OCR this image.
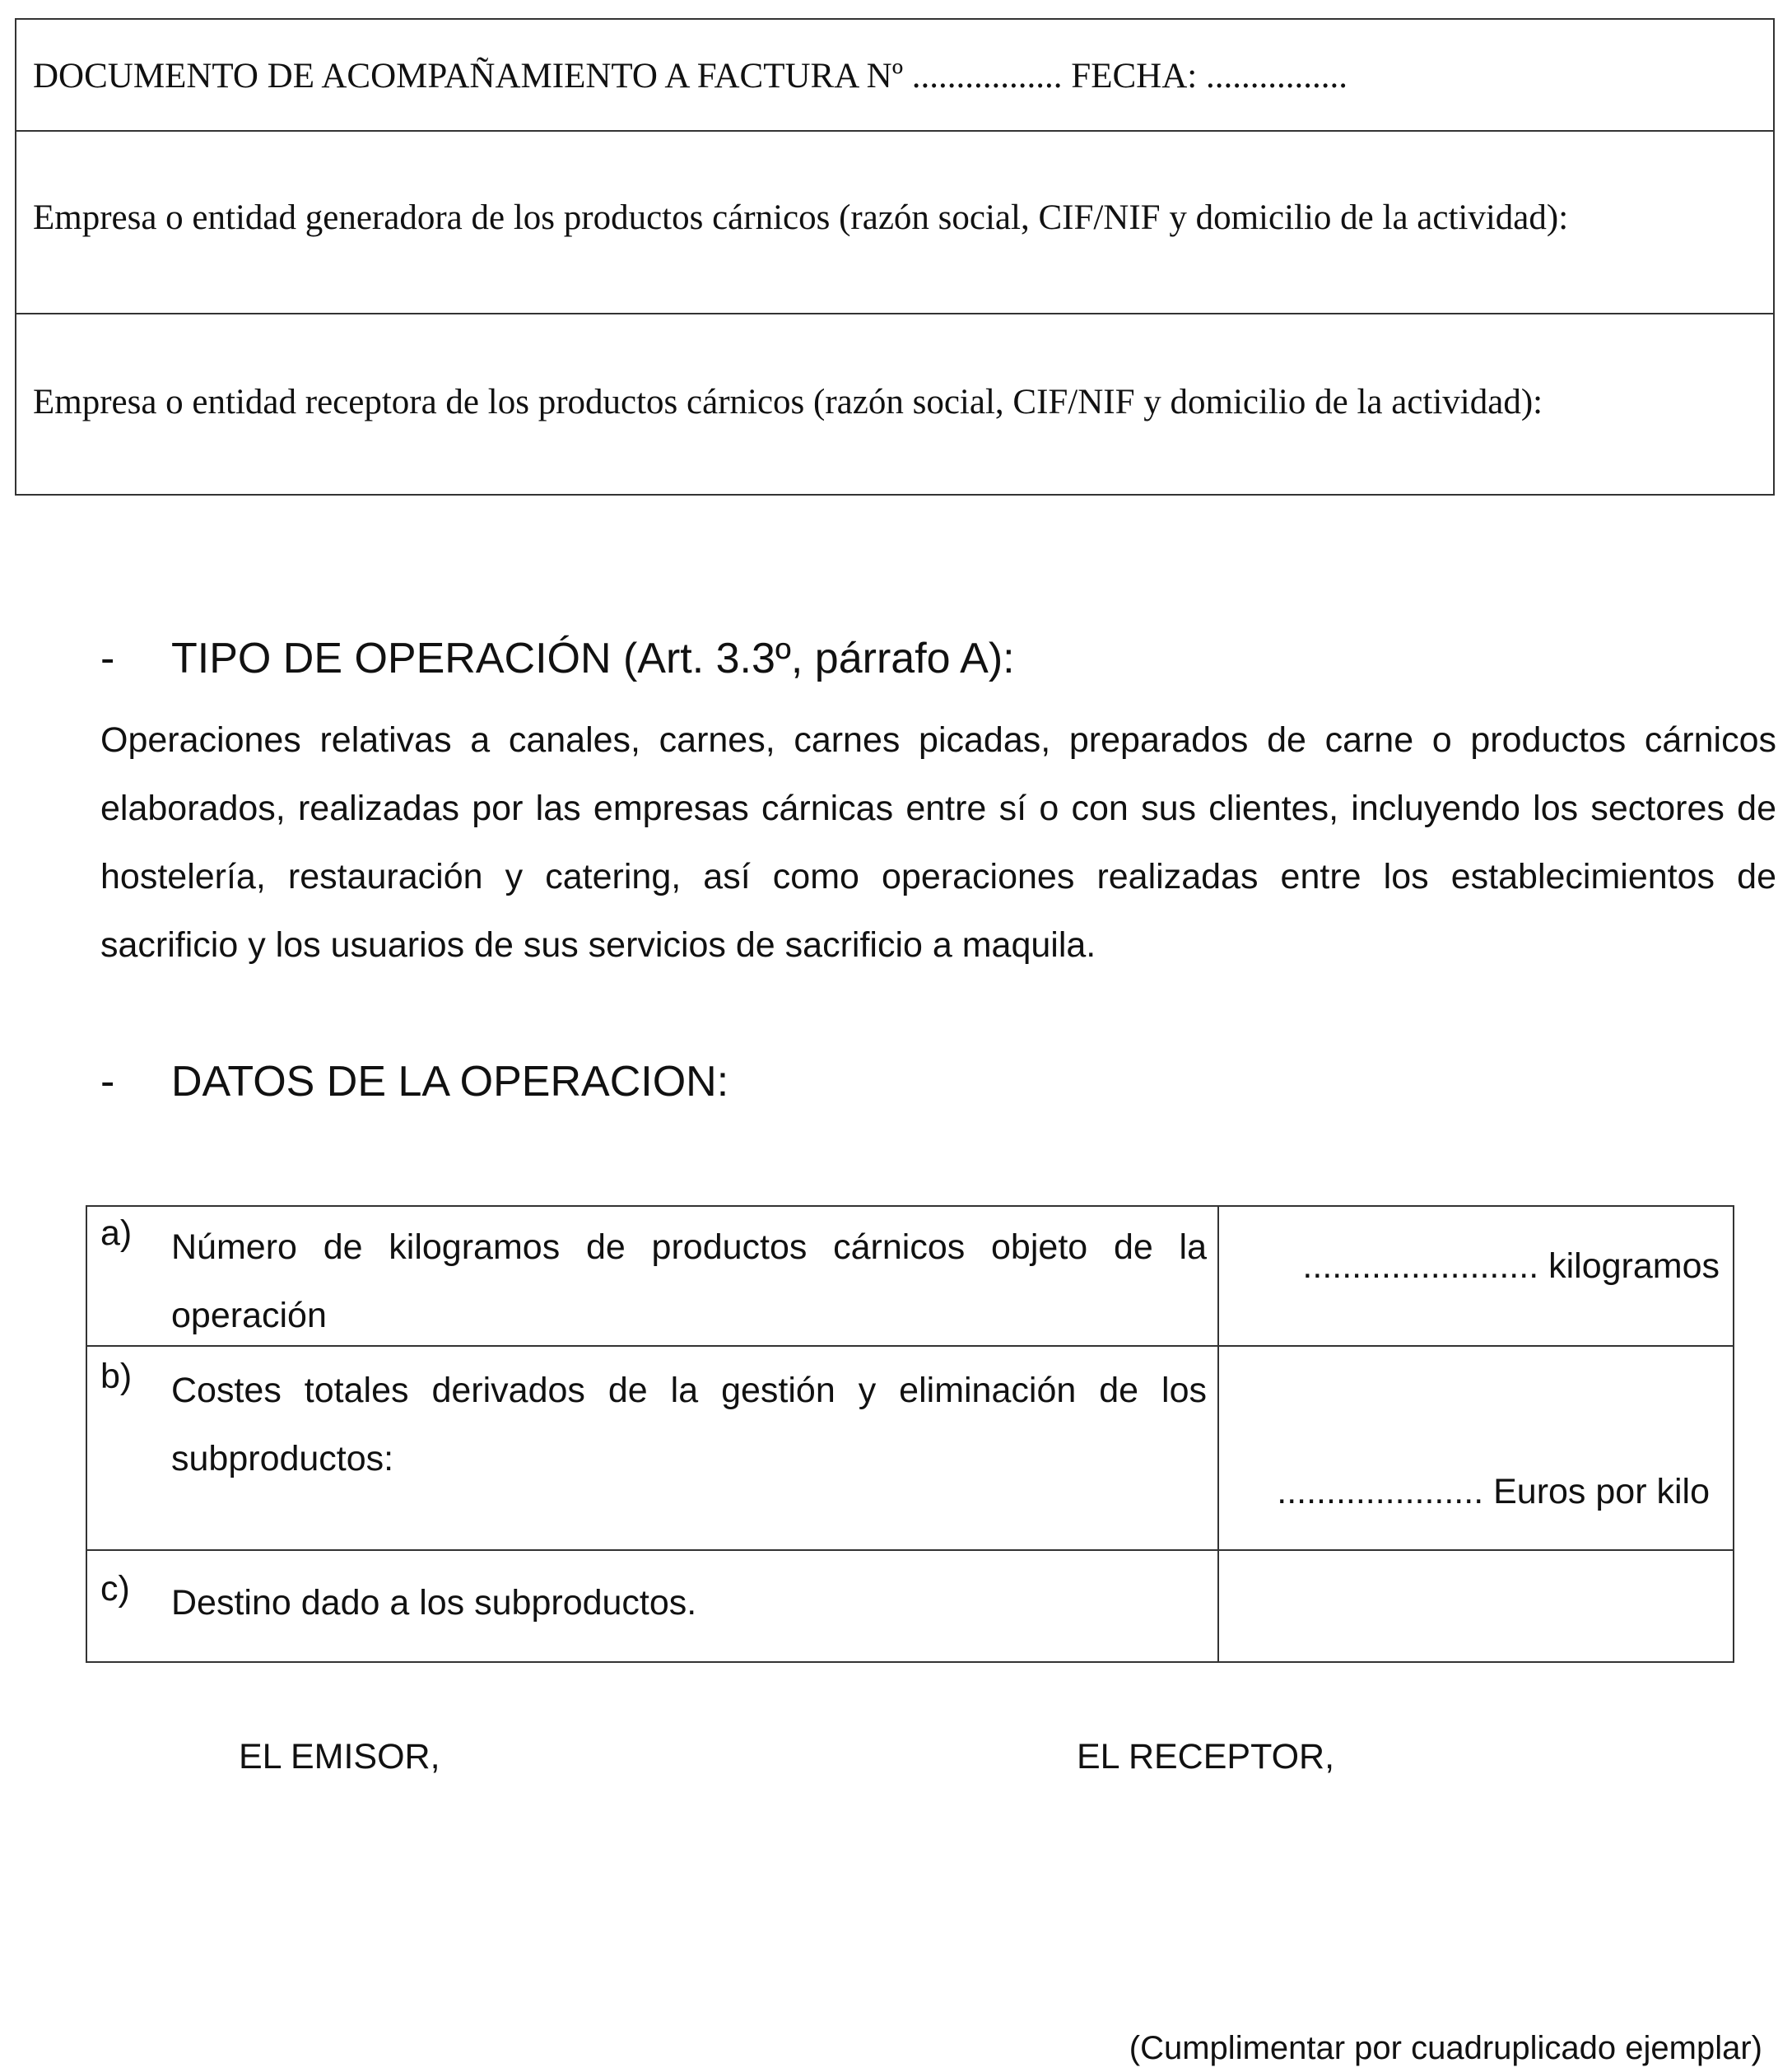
DOCUMENTO DE ACOMPAÑAMIENTO A FACTURA Nº ................. FECHA: ................
Empresa o entidad generadora de los productos cárnicos (razón social, CIF/NIF y domicilio de la actividad):
Empresa o entidad receptora de los productos cárnicos (razón social, CIF/NIF y domicilio de la actividad):
- TIPO DE OPERACIÓN (Art. 3.3º, párrafo A):
Operaciones relativas a canales, carnes, carnes picadas, preparados de carne o productos cárnicos elaborados, realizadas por las empresas cárnicas entre sí o con sus clientes, incluyendo los sectores de hostelería, restauración y catering, así como operaciones realizadas entre los establecimientos de sacrificio y los usuarios de sus servicios de sacrificio a maquila.
- DATOS DE LA OPERACION:
a) Número de kilogramos de productos cárnicos objeto de la operación
........................ kilogramos
b) Costes totales derivados de la gestión y eliminación de los subproductos:
..................... Euros por kilo
c) Destino dado a los subproductos.
EL EMISOR,	EL RECEPTOR,
(Cumplimentar por cuadruplicado ejemplar)
